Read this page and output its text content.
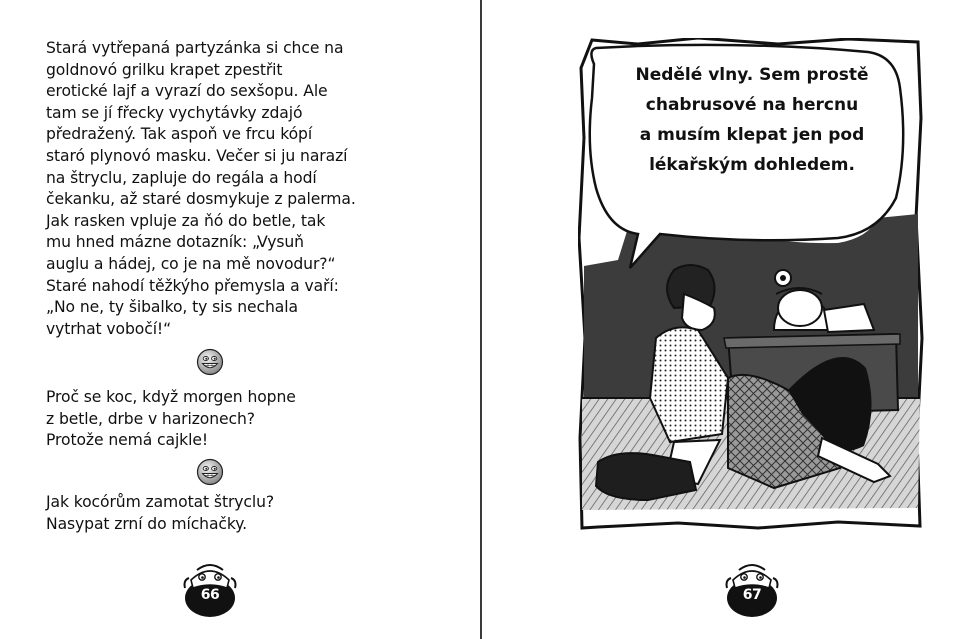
Stará vytřepaná partyzánka si chce na
goldnovó grilku krapet zpestřit
erotické lajf a vyrazí do sexšopu. Ale
tam se jí fřecky vychytávky zdajó
předražený. Tak aspoň ve frcu kópí
staró plynovó masku. Večer si ju narazí
na štryclu, zapluje do regála a hodí
čekanku, až staré dosmykuje z palerma.
Jak rasken vpluje za ňó do betle, tak
mu hned mázne dotazník: „Vysuň
auglu a hádej, co je na mě novodur?“
Staré nahodí těžkýho přemysla a vaří:
„No ne, ty šibalko, ty sis nechala
vytrhat vobočí!“
Proč se koc, když morgen hopne
z betle, drbe v harizonech?
Protože nemá cajkle!
Jak kocórům zamotat štryclu?
Nasypat zrní do míchačky.
66
Nedělé vlny. Sem prostě
chabrusové na hercnu
a musím klepat jen pod
lékařským dohledem.
67
